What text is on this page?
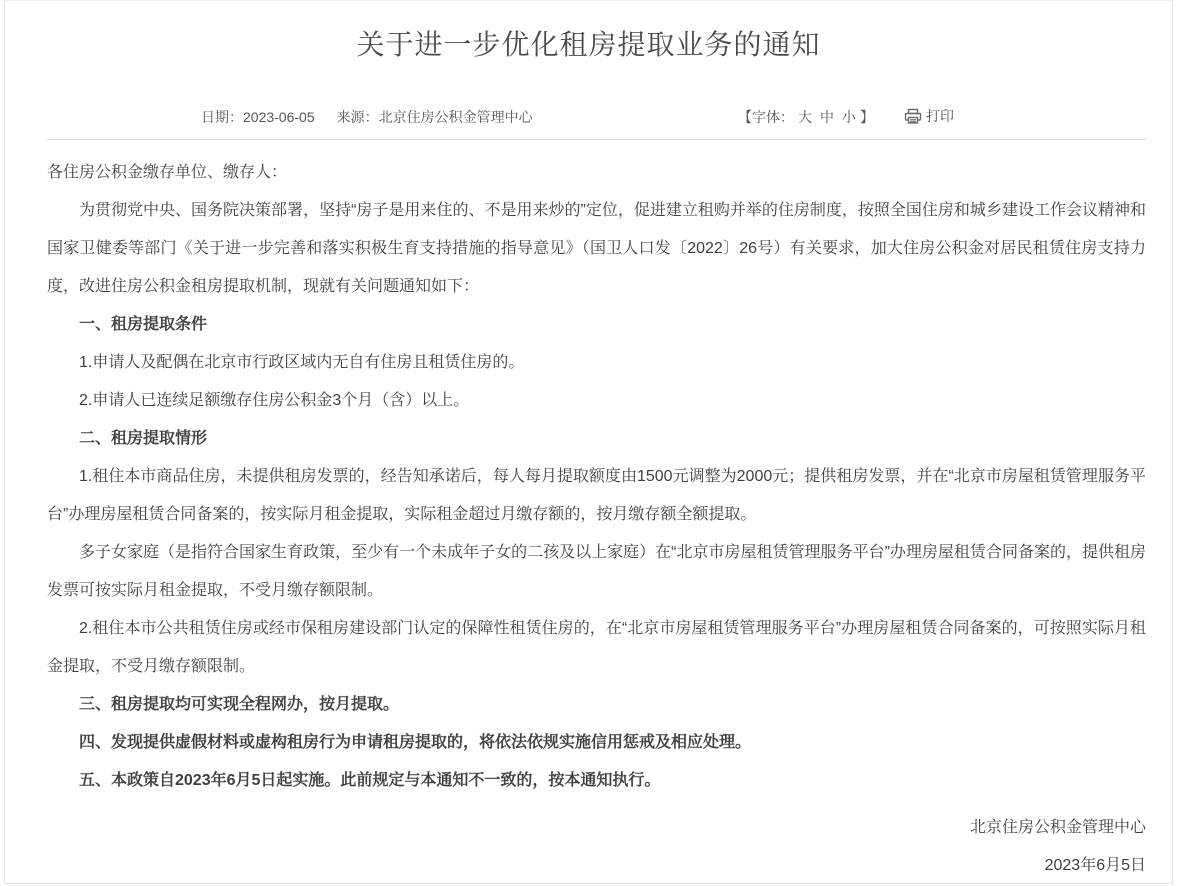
关于进一步优化租房提取业务的通知
日期：2023-06-05 来源：北京住房公积金管理中心	【字体： 大 中 小 】	打印

各住房公积金缴存单位、缴存人：

为贯彻党中央、国务院决策部署，坚持“房子是用来住的、不是用来炒的”定位，促进建立租购并举的住房制度，按照全国住房和城乡建设工作会议精神和国家卫健委等部门《关于进一步完善和落实积极生育支持措施的指导意见》（国卫人口发〔2022〕26号）有关要求，加大住房公积金对居民租赁住房支持力度，改进住房公积金租房提取机制，现就有关问题通知如下：

一、租房提取条件

1.申请人及配偶在北京市行政区域内无自有住房且租赁住房的。

2.申请人已连续足额缴存住房公积金3个月（含）以上。

二、租房提取情形

1.租住本市商品住房，未提供租房发票的，经告知承诺后，每人每月提取额度由1500元调整为2000元；提供租房发票，并在“北京市房屋租赁管理服务平台”办理房屋租赁合同备案的，按实际月租金提取，实际租金超过月缴存额的，按月缴存额全额提取。

多子女家庭（是指符合国家生育政策，至少有一个未成年子女的二孩及以上家庭）在“北京市房屋租赁管理服务平台”办理房屋租赁合同备案的，提供租房发票可按实际月租金提取，不受月缴存额限制。

2.租住本市公共租赁住房或经市保租房建设部门认定的保障性租赁住房的，在“北京市房屋租赁管理服务平台”办理房屋租赁合同备案的，可按照实际月租金提取，不受月缴存额限制。

三、租房提取均可实现全程网办，按月提取。

四、发现提供虚假材料或虚构租房行为申请租房提取的，将依法依规实施信用惩戒及相应处理。

五、本政策自2023年6月5日起实施。此前规定与本通知不一致的，按本通知执行。

北京住房公积金管理中心

2023年6月5日
